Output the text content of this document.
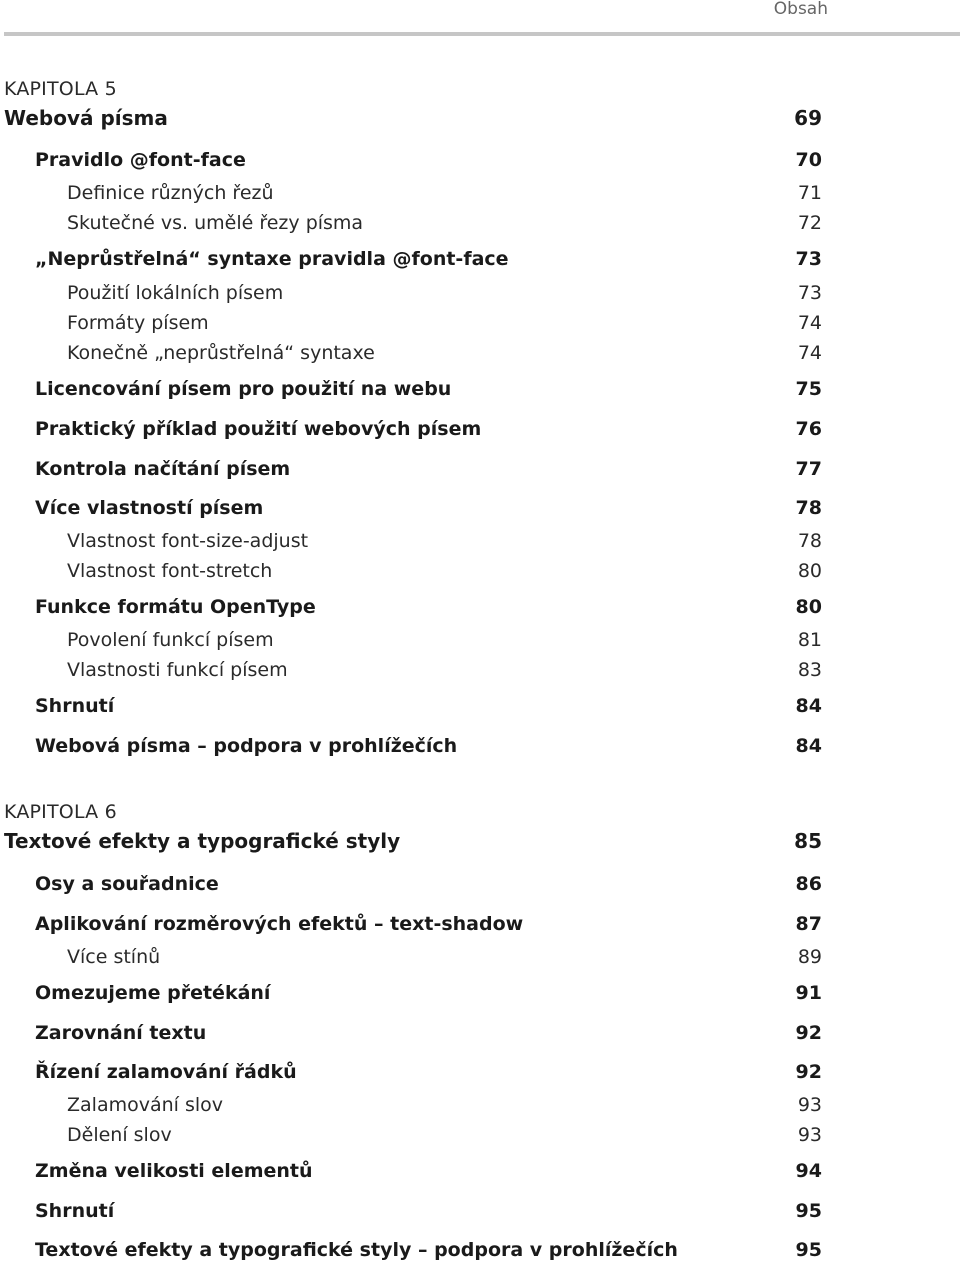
Obsah
KAPITOLA 5
Webová písma	69
Pravidlo @font-face	70
Definice různých řezů	71
Skutečné vs. umělé řezy písma	72
„Neprůstřelná“ syntaxe pravidla @font-face	73
Použití lokálních písem	73
Formáty písem	74
Konečně „neprůstřelná“ syntaxe	74
Licencování písem pro použití na webu	75
Praktický příklad použití webových písem	76
Kontrola načítání písem	77
Více vlastností písem	78
Vlastnost font-size-adjust	78
Vlastnost font-stretch	80
Funkce formátu OpenType	80
Povolení funkcí písem	81
Vlastnosti funkcí písem	83
Shrnutí	84
Webová písma – podpora v prohlížečích	84
KAPITOLA 6
Textové efekty a typografické styly	85
Osy a souřadnice	86
Aplikování rozměrových efektů – text-shadow	87
Více stínů	89
Omezujeme přetékání	91
Zarovnání textu	92
Řízení zalamování řádků	92
Zalamování slov	93
Dělení slov	93
Změna velikosti elementů	94
Shrnutí	95
Textové efekty a typografické styly – podpora v prohlížečích	95
